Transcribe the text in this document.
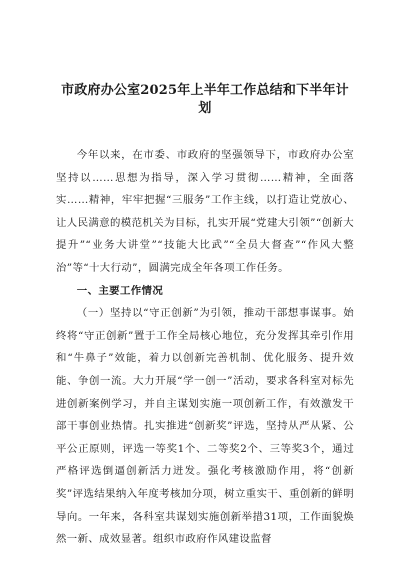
市政府办公室2025年上半年工作总结和下半年计划

今年以来，在市委、市政府的坚强领导下，市政府办公室坚持以……思想为指导，深入学习贯彻……精神，全面落实……精神，牢牢把握“三服务”工作主线，以打造让党放心、让人民满意的模范机关为目标，扎实开展“党建大引领”“创新大提升”“业务大讲堂”“技能大比武”“全员大督查”“作风大整治”等“十大行动”，圆满完成全年各项工作任务。

一、主要工作情况

（一）坚持以“守正创新”为引领，推动干部想事谋事。始终将“守正创新”置于工作全局核心地位，充分发挥其牵引作用和“牛鼻子”效能，着力以创新完善机制、优化服务、提升效能、争创一流。大力开展“学一创一”活动，要求各科室对标先进创新案例学习，并自主谋划实施一项创新工作，有效激发干部干事创业热情。扎实推进“创新奖”评选，坚持从严从紧、公平公正原则，评选一等奖1个、二等奖2个、三等奖3个，通过严格评选倒逼创新活力迸发。强化考核激励作用，将“创新奖”评选结果纳入年度考核加分项，树立重实干、重创新的鲜明导向。一年来，各科室共谋划实施创新举措31项，工作面貌焕然一新、成效显著。组织市政府作风建设监督
